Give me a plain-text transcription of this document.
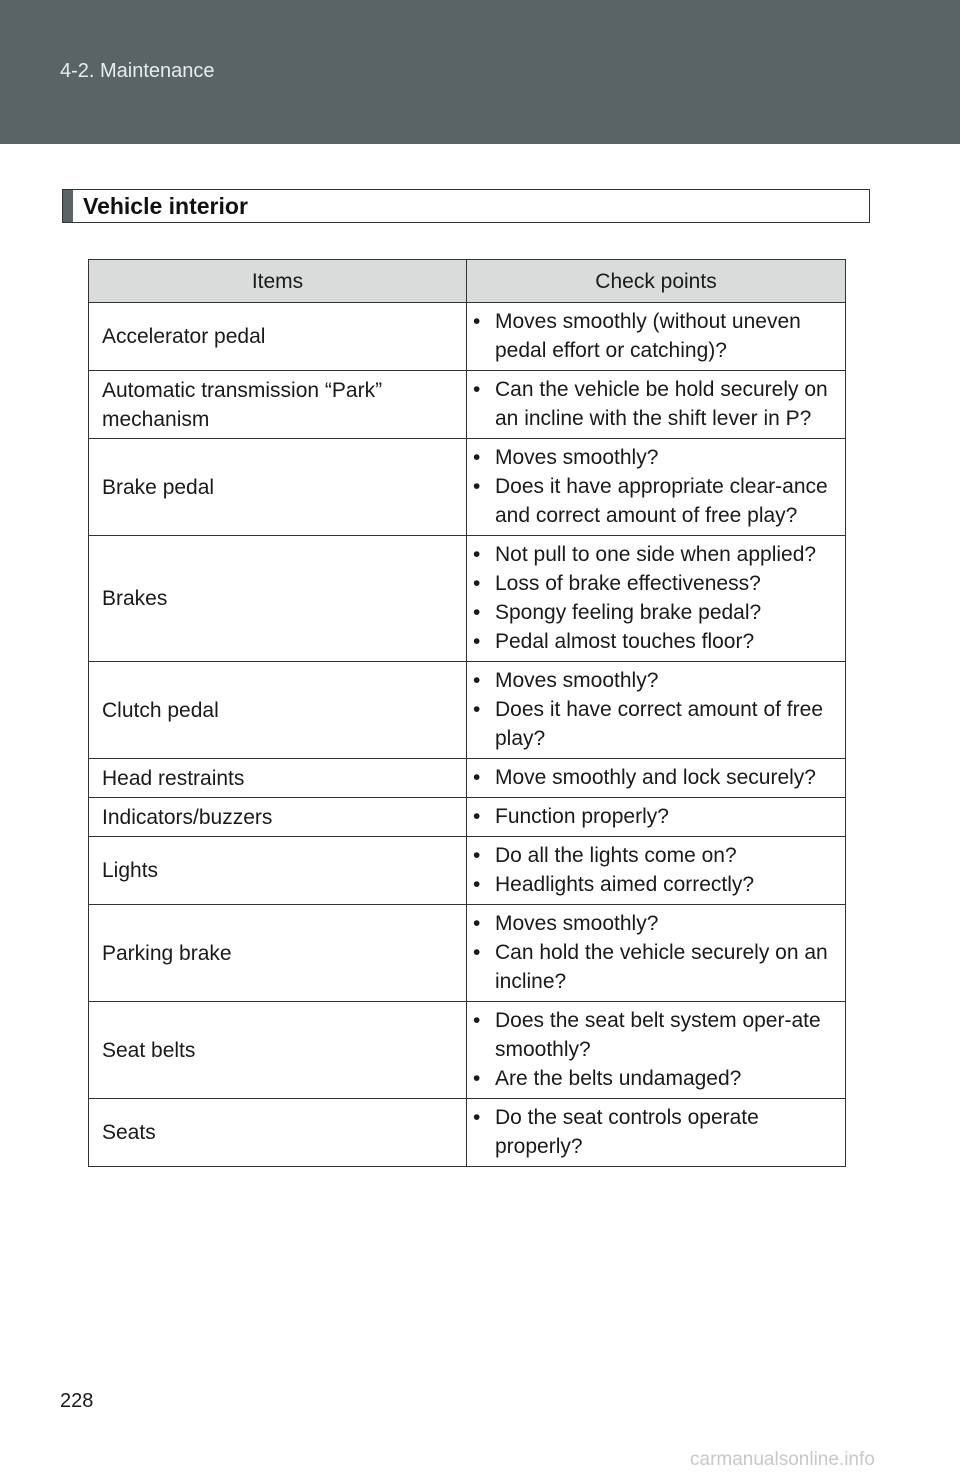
4-2. Maintenance
Vehicle interior
Items	Check points
Accelerator pedal	• Moves smoothly (without uneven pedal effort or catching)?

Automatic transmission “Park” mechanism	• Can the vehicle be hold securely on an incline with the shift lever in P?

Brake pedal	• Moves smoothly?
• Does it have appropriate clear-ance and correct amount of free play?

Brakes	• Not pull to one side when applied?
• Loss of brake effectiveness?
• Spongy feeling brake pedal?
• Pedal almost touches floor?

Clutch pedal	• Moves smoothly?
• Does it have correct amount of free play?

Head restraints	• Move smoothly and lock securely?

Indicators/buzzers	• Function properly?

Lights	• Do all the lights come on?
• Headlights aimed correctly?

Parking brake	• Moves smoothly?
• Can hold the vehicle securely on an incline?

Seat belts	• Does the seat belt system oper-ate smoothly?
• Are the belts undamaged?

Seats	• Do the seat controls operate properly?
228
carmanualsonline.info
